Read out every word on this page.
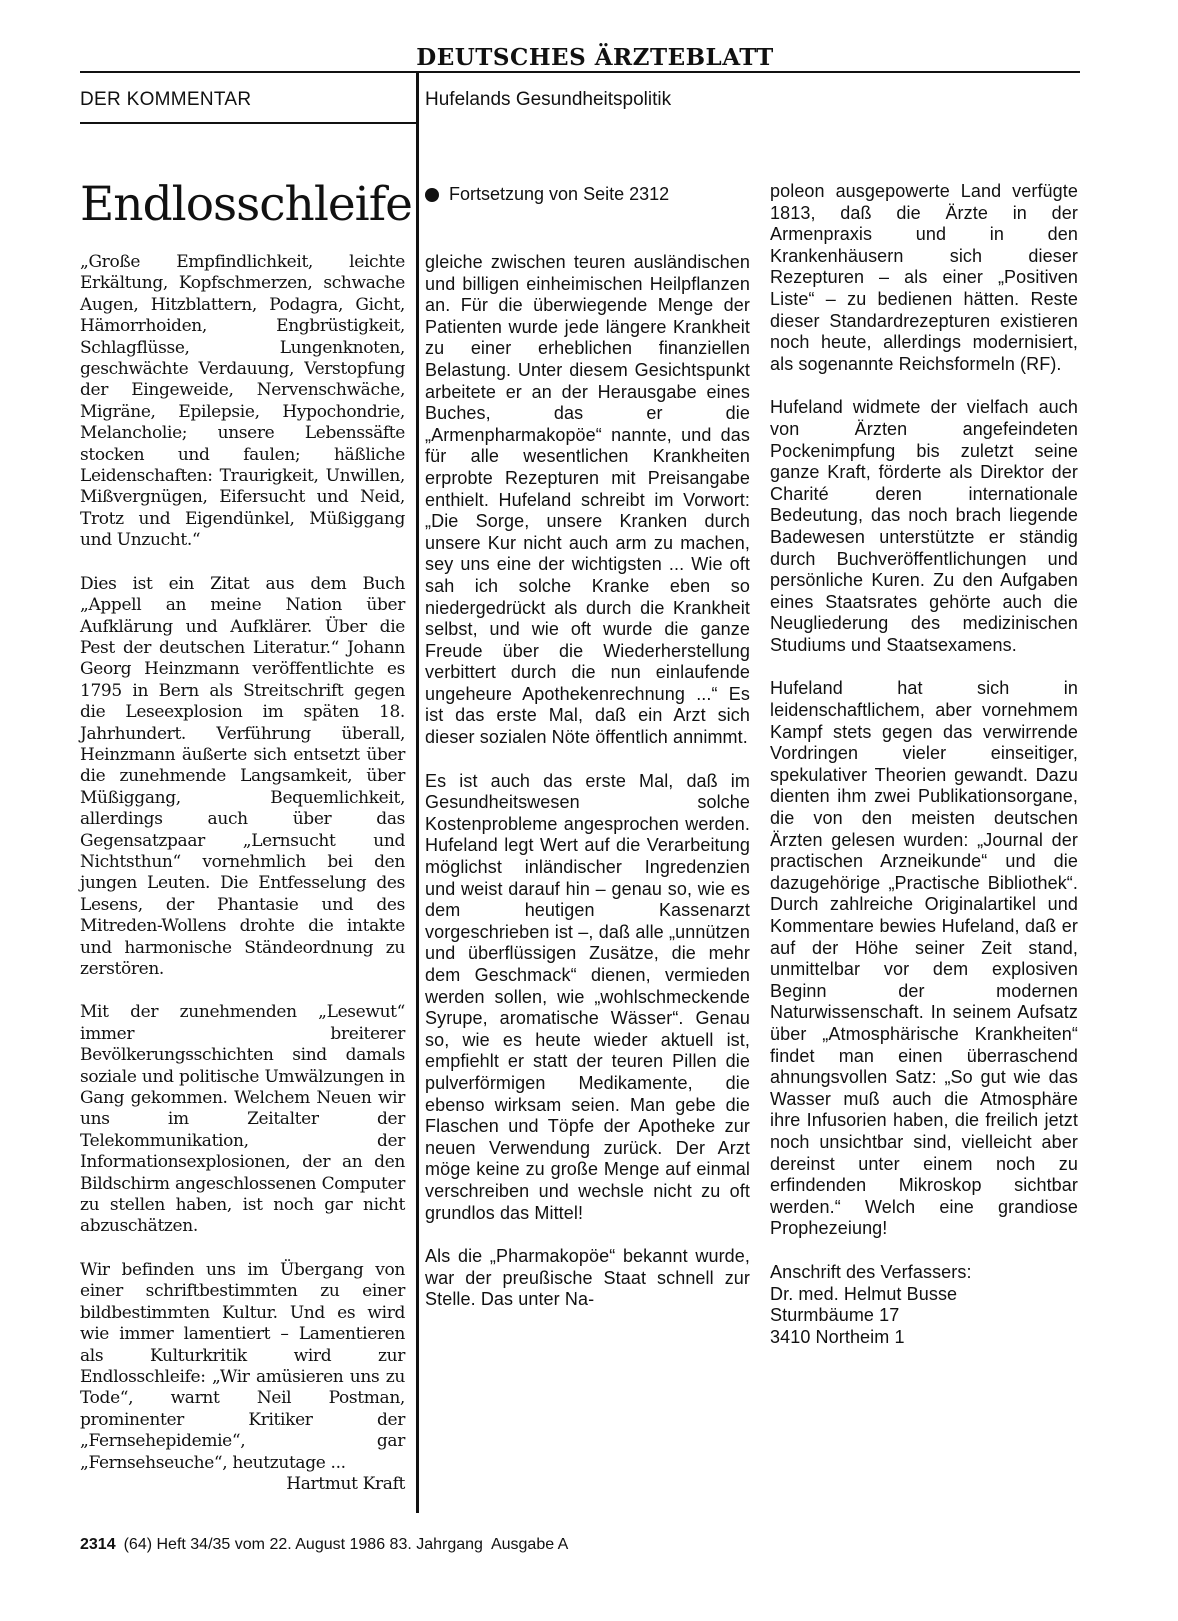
DEUTSCHES ÄRZTEBLATT
DER KOMMENTAR	Hufelands Gesundheitspolitik
Endlosschleife

„Große Empfindlichkeit, leichte Erkältung, Kopfschmerzen, schwache Augen, Hitzblattern, Podagra, Gicht, Hämorrhoiden, Engbrüstigkeit, Schlagflüsse, Lungenknoten, geschwächte Verdauung, Verstopfung der Eingeweide, Nervenschwäche, Migräne, Epilepsie, Hypochondrie, Melancholie; unsere Lebenssäfte stocken und faulen; häßliche Leidenschaften: Traurigkeit, Unwillen, Mißvergnügen, Eifersucht und Neid, Trotz und Eigendünkel, Müßiggang und Unzucht.“

Dies ist ein Zitat aus dem Buch „Appell an meine Nation über Aufklärung und Aufklärer. Über die Pest der deutschen Literatur.“ Johann Georg Heinzmann veröffentlichte es 1795 in Bern als Streitschrift gegen die Leseexplosion im späten 18. Jahrhundert. Verführung überall, Heinzmann äußerte sich entsetzt über die zunehmende Langsamkeit, über Müßiggang, Bequemlichkeit, allerdings auch über das Gegensatzpaar „Lernsucht und Nichtsthun“ vornehmlich bei den jungen Leuten. Die Entfesselung des Lesens, der Phantasie und des Mitreden-Wollens drohte die intakte und harmonische Ständeordnung zu zerstören.

Mit der zunehmenden „Lesewut“ immer breiterer Bevölkerungsschichten sind damals soziale und politische Umwälzungen in Gang gekommen. Welchem Neuen wir uns im Zeitalter der Telekommunikation, der Informationsexplosionen, der an den Bildschirm angeschlossenen Computer zu stellen haben, ist noch gar nicht abzuschätzen.

Wir befinden uns im Übergang von einer schriftbestimmten zu einer bildbestimmten Kultur. Und es wird wie immer lamentiert – Lamentieren als Kulturkritik wird zur Endlosschleife: „Wir amüsieren uns zu Tode“, warnt Neil Postman, prominenter Kritiker der „Fernsehepidemie“, gar „Fernsehseuche“, heutzutage ...
Hartmut Kraft

Fortsetzung von Seite 2312

gleiche zwischen teuren ausländischen und billigen einheimischen Heilpflanzen an. Für die überwiegende Menge der Patienten wurde jede längere Krankheit zu einer erheblichen finanziellen Belastung. Unter diesem Gesichtspunkt arbeitete er an der Herausgabe eines Buches, das er die „Armenpharmakopöe“ nannte, und das für alle wesentlichen Krankheiten erprobte Rezepturen mit Preisangabe enthielt. Hufeland schreibt im Vorwort: „Die Sorge, unsere Kranken durch unsere Kur nicht auch arm zu machen, sey uns eine der wichtigsten ... Wie oft sah ich solche Kranke eben so niedergedrückt als durch die Krankheit selbst, und wie oft wurde die ganze Freude über die Wiederherstellung verbittert durch die nun einlaufende ungeheure Apothekenrechnung ...“ Es ist das erste Mal, daß ein Arzt sich dieser sozialen Nöte öffentlich annimmt.

Es ist auch das erste Mal, daß im Gesundheitswesen solche Kostenprobleme angesprochen werden. Hufeland legt Wert auf die Verarbeitung möglichst inländischer Ingredenzien und weist darauf hin – genau so, wie es dem heutigen Kassenarzt vorgeschrieben ist –, daß alle „unnützen und überflüssigen Zusätze, die mehr dem Geschmack“ dienen, vermieden werden sollen, wie „wohlschmeckende Syrupe, aromatische Wässer“. Genau so, wie es heute wieder aktuell ist, empfiehlt er statt der teuren Pillen die pulverförmigen Medikamente, die ebenso wirksam seien. Man gebe die Flaschen und Töpfe der Apotheke zur neuen Verwendung zurück. Der Arzt möge keine zu große Menge auf einmal verschreiben und wechsle nicht zu oft grundlos das Mittel!

Als die „Pharmakopöe“ bekannt wurde, war der preußische Staat schnell zur Stelle. Das unter Na-

poleon ausgepowerte Land verfügte 1813, daß die Ärzte in der Armenpraxis und in den Krankenhäusern sich dieser Rezepturen – als einer „Positiven Liste“ – zu bedienen hätten. Reste dieser Standardrezepturen existieren noch heute, allerdings modernisiert, als sogenannte Reichsformeln (RF).

Hufeland widmete der vielfach auch von Ärzten angefeindeten Pockenimpfung bis zuletzt seine ganze Kraft, förderte als Direktor der Charité deren internationale Bedeutung, das noch brach liegende Badewesen unterstützte er ständig durch Buchveröffentlichungen und persönliche Kuren. Zu den Aufgaben eines Staatsrates gehörte auch die Neugliederung des medizinischen Studiums und Staatsexamens.

Hufeland hat sich in leidenschaftlichem, aber vornehmem Kampf stets gegen das verwirrende Vordringen vieler einseitiger, spekulativer Theorien gewandt. Dazu dienten ihm zwei Publikationsorgane, die von den meisten deutschen Ärzten gelesen wurden: „Journal der practischen Arzneikunde“ und die dazugehörige „Practische Bibliothek“. Durch zahlreiche Originalartikel und Kommentare bewies Hufeland, daß er auf der Höhe seiner Zeit stand, unmittelbar vor dem explosiven Beginn der modernen Naturwissenschaft. In seinem Aufsatz über „Atmosphärische Krankheiten“ findet man einen überraschend ahnungsvollen Satz: „So gut wie das Wasser muß auch die Atmosphäre ihre Infusorien haben, die freilich jetzt noch unsichtbar sind, vielleicht aber dereinst unter einem noch zu erfindenden Mikroskop sichtbar werden.“ Welch eine grandiose Prophezeiung!

Anschrift des Verfassers:
Dr. med. Helmut Busse
Sturmbäume 17
3410 Northeim 1
2314 (64) Heft 34/35 vom 22. August 1986 83. Jahrgang Ausgabe A
